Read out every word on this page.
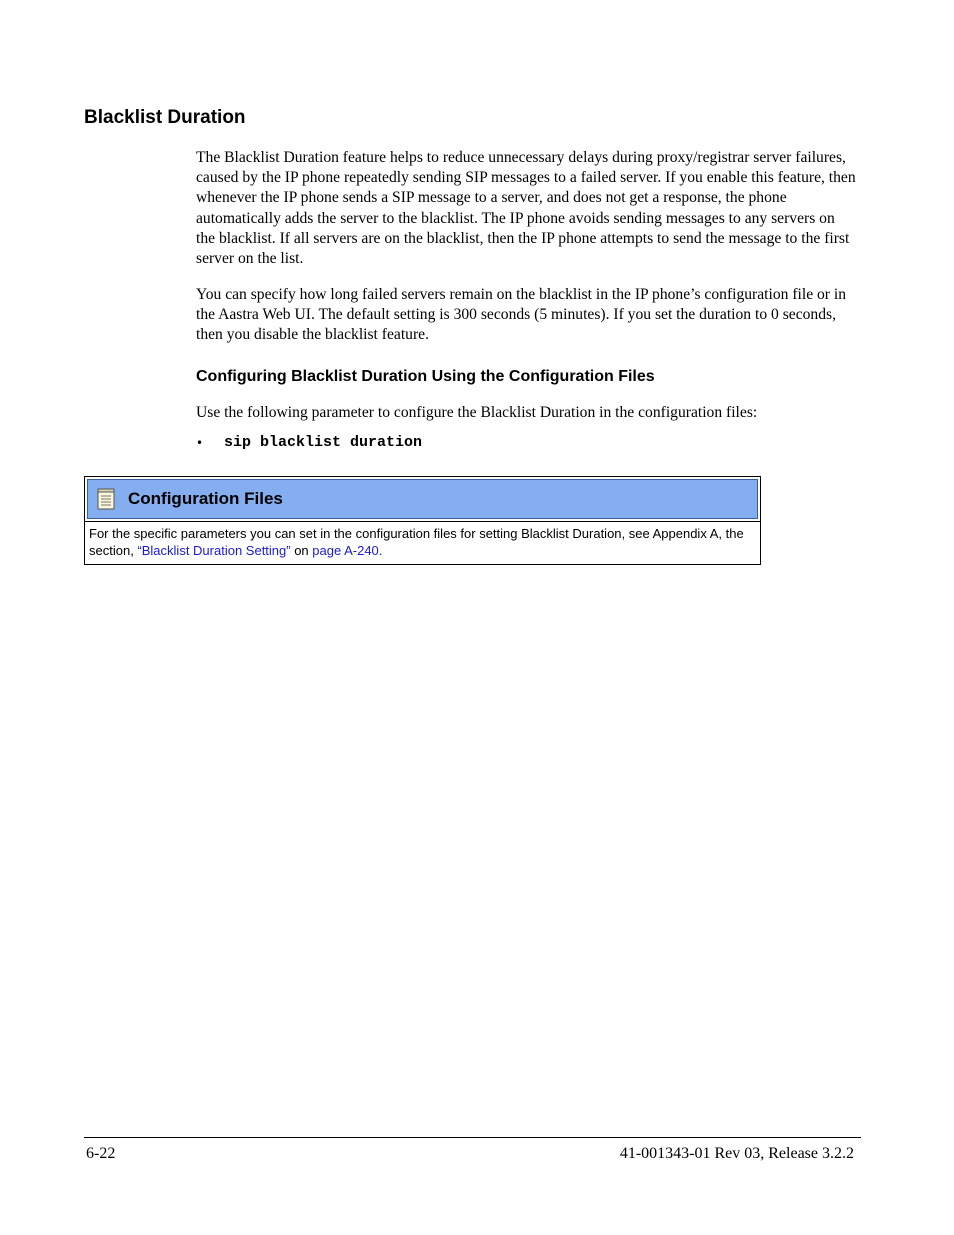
Blacklist Duration

The Blacklist Duration feature helps to reduce unnecessary delays during proxy/registrar server failures, caused by the IP phone repeatedly sending SIP messages to a failed server. If you enable this feature, then whenever the IP phone sends a SIP message to a server, and does not get a response, the phone automatically adds the server to the blacklist. The IP phone avoids sending messages to any servers on the blacklist. If all servers are on the blacklist, then the IP phone attempts to send the message to the first server on the list.

You can specify how long failed servers remain on the blacklist in the IP phone’s configuration file or in the Aastra Web UI. The default setting is 300 seconds (5 minutes). If you set the duration to 0 seconds, then you disable the blacklist feature.

Configuring Blacklist Duration Using the Configuration Files

Use the following parameter to configure the Blacklist Duration in the configuration files:

•	sip blacklist duration
Configuration Files
For the specific parameters you can set in the configuration files for setting Blacklist Duration, see Appendix A, the section, “Blacklist Duration Setting” on page A-240.
6-22	41-001343-01 Rev 03, Release 3.2.2
